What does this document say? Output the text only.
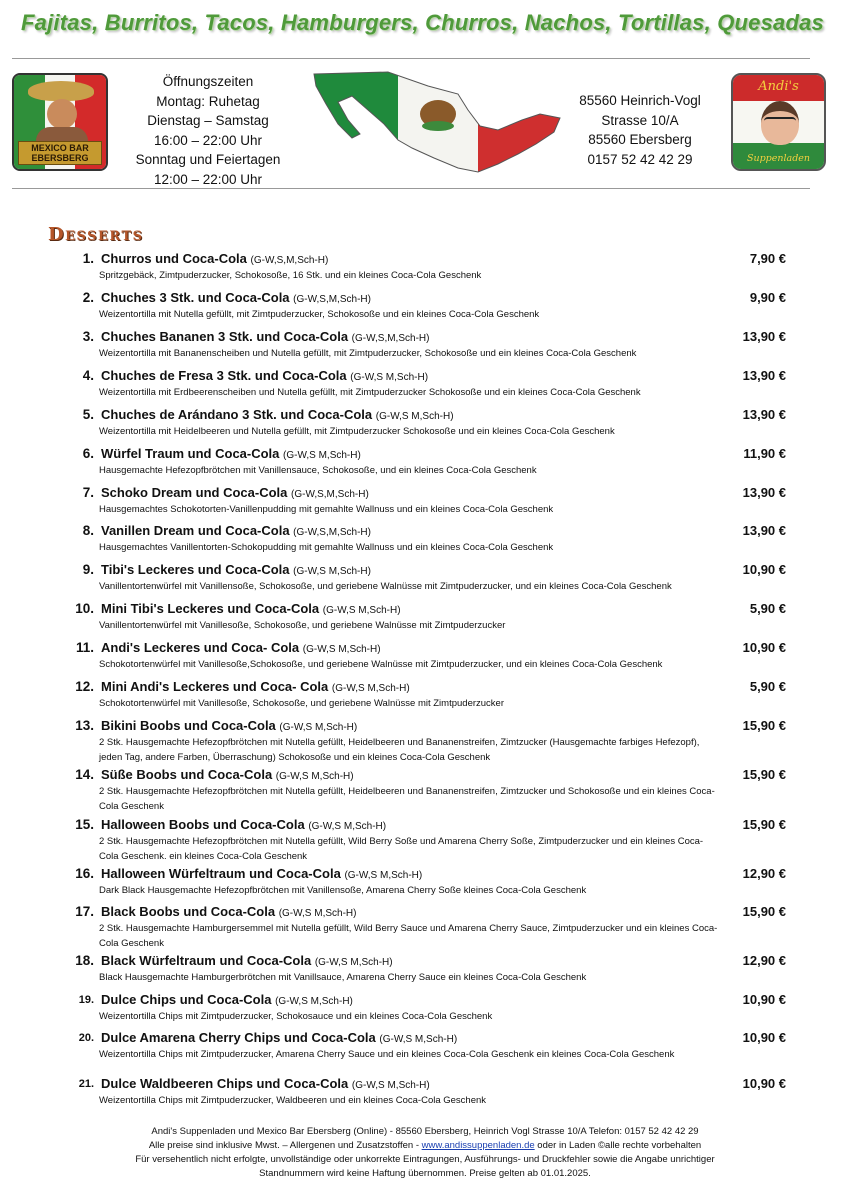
Fajitas, Burritos, Tacos, Hamburgers, Churros, Nachos, Tortillas, Quesadas
MEXICO BAR
EBERSBERG
Öffnungszeiten
Montag: Ruhetag
Dienstag – Samstag
16:00 – 22:00 Uhr
Sonntag und Feiertagen
12:00 – 22:00 Uhr
85560 Heinrich-Vogl
Strasse 10/A
85560 Ebersberg
0157 52 42 42 29
Andi's
Suppenladen
Desserts
1. Churros und Coca-Cola (G-W,S,M,Sch-H)	7,90 €
Spritzgebäck, Zimtpuderzucker, Schokosoße, 16 Stk. und ein kleines Coca-Cola Geschenk
2. Chuches 3 Stk. und Coca-Cola (G-W,S,M,Sch-H)	9,90 €
Weizentortilla mit Nutella gefüllt, mit Zimtpuderzucker, Schokosoße und ein kleines Coca-Cola Geschenk
3. Chuches Bananen 3 Stk. und Coca-Cola (G-W,S,M,Sch-H)	13,90 €
Weizentortilla mit Bananenscheiben und Nutella gefüllt, mit Zimtpuderzucker, Schokosoße und ein kleines Coca-Cola Geschenk
4. Chuches de Fresa 3 Stk. und Coca-Cola (G-W,S M,Sch-H)	13,90 €
Weizentortilla mit Erdbeerenscheiben und Nutella gefüllt, mit Zimtpuderzucker Schokosoße und ein kleines Coca-Cola Geschenk
5. Chuches de Arándano 3 Stk. und Coca-Cola (G-W,S M,Sch-H)	13,90 €
Weizentortilla mit Heidelbeeren und Nutella gefüllt, mit Zimtpuderzucker Schokosoße und ein kleines Coca-Cola Geschenk
6. Würfel Traum und Coca-Cola (G-W,S M,Sch-H)	11,90 €
Hausgemachte Hefezopfbrötchen mit Vanillensauce, Schokosoße, und ein kleines Coca-Cola Geschenk
7. Schoko Dream und Coca-Cola (G-W,S,M,Sch-H)	13,90 €
Hausgemachtes Schokotorten-Vanillenpudding mit gemahlte Wallnuss und ein kleines Coca-Cola Geschenk
8. Vanillen Dream und Coca-Cola (G-W,S,M,Sch-H)	13,90 €
Hausgemachtes Vanillentorten-Schokopudding mit gemahlte Wallnuss und ein kleines Coca-Cola Geschenk
9. Tibi's Leckeres und Coca-Cola (G-W,S M,Sch-H)	10,90 €
Vanillentortenwürfel mit Vanillensoße, Schokosoße, und geriebene Walnüsse mit Zimtpuderzucker, und ein kleines Coca-Cola Geschenk
10. Mini Tibi's Leckeres und Coca-Cola (G-W,S M,Sch-H)	5,90 €
Vanillentortenwürfel mit Vanillesoße, Schokosoße, und geriebene Walnüsse mit Zimtpuderzucker
11. Andi's Leckeres und Coca- Cola (G-W,S M,Sch-H)	10,90 €
Schokotortenwürfel mit Vanillesoße,Schokosoße, und geriebene Walnüsse mit Zimtpuderzucker, und ein kleines Coca-Cola Geschenk
12. Mini Andi's Leckeres und Coca- Cola (G-W,S M,Sch-H)	5,90 €
Schokotortenwürfel mit Vanillesoße, Schokosoße, und geriebene Walnüsse mit Zimtpuderzucker
13. Bikini Boobs und Coca-Cola (G-W,S M,Sch-H)	15,90 €
2 Stk. Hausgemachte Hefezopfbrötchen mit Nutella gefüllt, Heidelbeeren und Bananenstreifen, Zimtzucker (Hausgemachte farbiges Hefezopf), jeden Tag, andere Farben, Überraschung) Schokosoße und ein kleines Coca-Cola Geschenk
14. Süße Boobs und Coca-Cola (G-W,S M,Sch-H)	15,90 €
2 Stk. Hausgemachte Hefezopfbrötchen mit Nutella gefüllt, Heidelbeeren und Bananenstreifen, Zimtzucker und Schokosoße und ein kleines Coca-Cola Geschenk
15. Halloween Boobs und Coca-Cola (G-W,S M,Sch-H)	15,90 €
2 Stk. Hausgemachte Hefezopfbrötchen mit Nutella gefüllt, Wild Berry Soße und Amarena Cherry Soße, Zimtpuderzucker und ein kleines Coca-Cola Geschenk. ein kleines Coca-Cola Geschenk
16. Halloween Würfeltraum und Coca-Cola (G-W,S M,Sch-H)	12,90 €
Dark Black Hausgemachte Hefezopfbrötchen mit Vanillensoße, Amarena Cherry Soße kleines Coca-Cola Geschenk
17. Black Boobs und Coca-Cola (G-W,S M,Sch-H)	15,90 €
2 Stk. Hausgemachte Hamburgersemmel mit Nutella gefüllt, Wild Berry Sauce und Amarena Cherry Sauce, Zimtpuderzucker und ein kleines Coca-Cola Geschenk
18. Black Würfeltraum und Coca-Cola (G-W,S M,Sch-H)	12,90 €
Black Hausgemachte Hamburgerbrötchen mit Vanillsauce, Amarena Cherry Sauce ein kleines Coca-Cola Geschenk
19. Dulce Chips und Coca-Cola (G-W,S M,Sch-H)	10,90 €
Weizentortilla Chips mit Zimtpuderzucker, Schokosauce und ein kleines Coca-Cola Geschenk
20. Dulce Amarena Cherry Chips und Coca-Cola (G-W,S M,Sch-H)	10,90 €
Weizentortilla Chips mit Zimtpuderzucker, Amarena Cherry Sauce und ein kleines Coca-Cola Geschenk ein kleines Coca-Cola Geschenk
21. Dulce Waldbeeren Chips und Coca-Cola (G-W,S M,Sch-H)	10,90 €
Weizentortilla Chips mit Zimtpuderzucker, Waldbeeren und ein kleines Coca-Cola Geschenk
Andi's Suppenladen und Mexico Bar Ebersberg (Online) - 85560 Ebersberg, Heinrich Vogl Strasse 10/A Telefon: 0157 52 42 42 29
Alle preise sind inklusive Mwst. – Allergenen und Zusatzstoffen - www.andissuppenladen.de oder in Laden ©alle rechte vorbehalten
Für versehentlich nicht erfolgte, unvollständige oder unkorrekte Eintragungen, Ausführungs- und Druckfehler sowie die Angabe unrichtiger
Standnummern wird keine Haftung übernommen. Preise gelten ab 01.01.2025.
